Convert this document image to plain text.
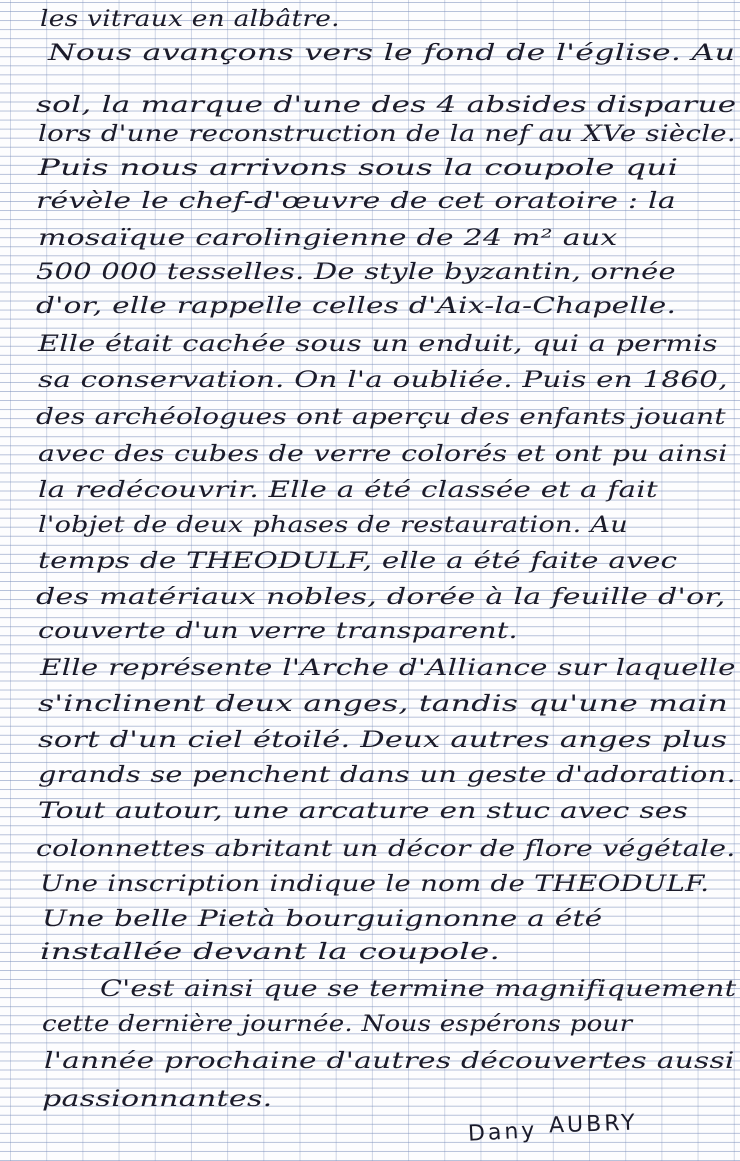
les vitraux en albâtre.
Nous avançons vers le fond de l'église. Au
sol, la marque d'une des 4 absides disparue
lors d'une reconstruction de la nef au XVe siècle.
Puis nous arrivons sous la coupole qui
révèle le chef-d'œuvre de cet oratoire : la
mosaïque carolingienne de 24 m² aux
500 000 tesselles. De style byzantin, ornée
d'or, elle rappelle celles d'Aix-la-Chapelle.
Elle était cachée sous un enduit, qui a permis
sa conservation. On l'a oubliée. Puis en 1860,
des archéologues ont aperçu des enfants jouant
avec des cubes de verre colorés et ont pu ainsi
la redécouvrir. Elle a été classée et a fait
l'objet de deux phases de restauration. Au
temps de THEODULF, elle a été faite avec
des matériaux nobles, dorée à la feuille d'or,
couverte d'un verre transparent.
Elle représente l'Arche d'Alliance sur laquelle
s'inclinent deux anges, tandis qu'une main
sort d'un ciel étoilé. Deux autres anges plus
grands se penchent dans un geste d'adoration.
Tout autour, une arcature en stuc avec ses
colonnettes abritant un décor de flore végétale.
Une inscription indique le nom de THEODULF.
Une belle Pietà bourguignonne a été
installée devant la coupole.
C'est ainsi que se termine magnifiquement
cette dernière journée. Nous espérons pour
l'année prochaine d'autres découvertes aussi
passionnantes.
Dany AUBRY
